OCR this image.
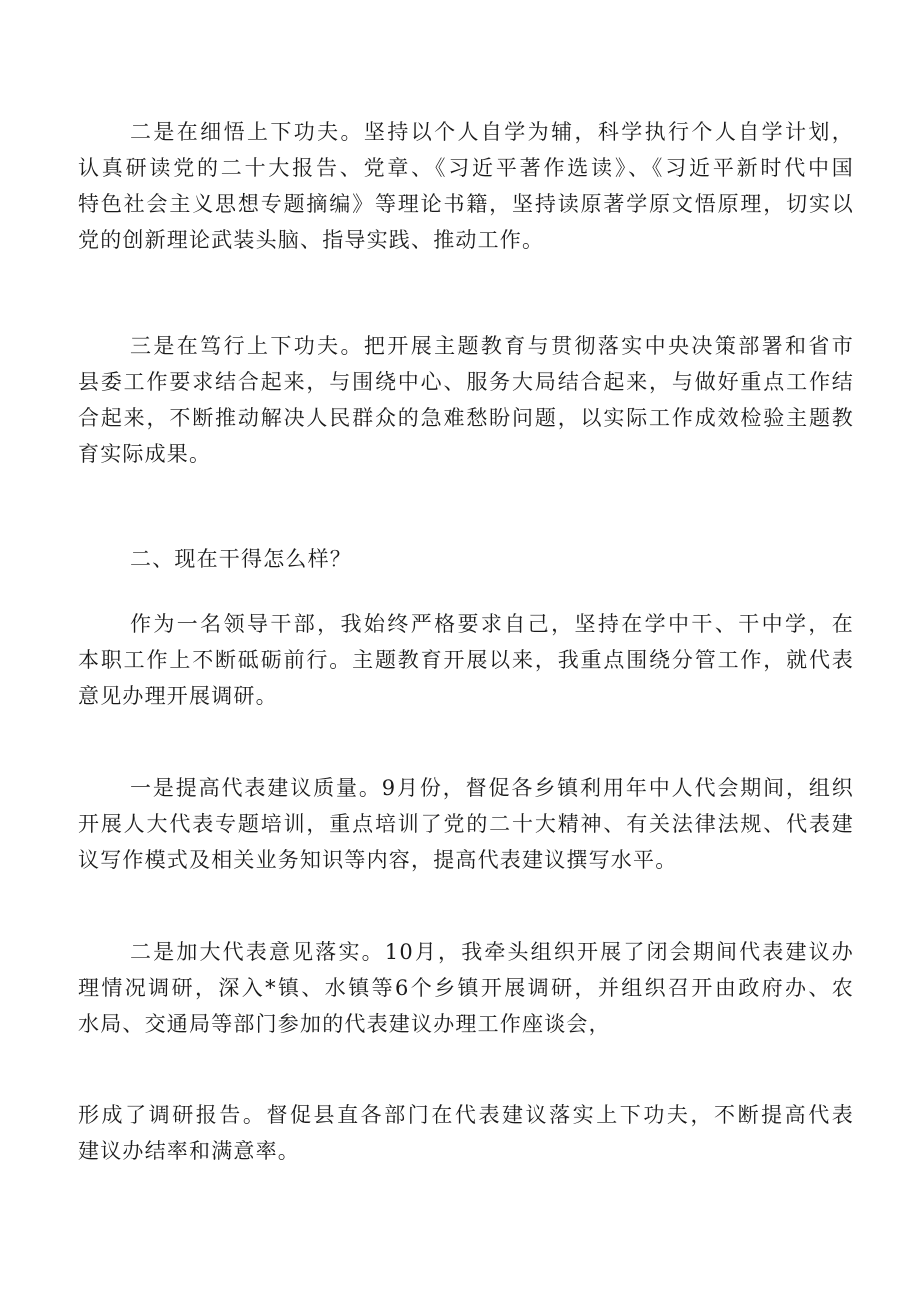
二是在细悟上下功夫。坚持以个人自学为辅，科学执行个人自学计划，
认真研读党的二十大报告、党章、《习近平著作选读》、《习近平新时代中国
特色社会主义思想专题摘编》等理论书籍，坚持读原著学原文悟原理，切实以
党的创新理论武装头脑、指导实践、推动工作。

三是在笃行上下功夫。把开展主题教育与贯彻落实中央决策部署和省市
县委工作要求结合起来，与围绕中心、服务大局结合起来，与做好重点工作结
合起来，不断推动解决人民群众的急难愁盼问题，以实际工作成效检验主题教
育实际成果。

二、现在干得怎么样？

作为一名领导干部，我始终严格要求自己，坚持在学中干、干中学，在
本职工作上不断砥砺前行。主题教育开展以来，我重点围绕分管工作，就代表
意见办理开展调研。

一是提高代表建议质量。9月份，督促各乡镇利用年中人代会期间，组织
开展人大代表专题培训，重点培训了党的二十大精神、有关法律法规、代表建
议写作模式及相关业务知识等内容，提高代表建议撰写水平。

二是加大代表意见落实。10月，我牵头组织开展了闭会期间代表建议办
理情况调研，深入*镇、水镇等6个乡镇开展调研，并组织召开由政府办、农
水局、交通局等部门参加的代表建议办理工作座谈会，

形成了调研报告。督促县直各部门在代表建议落实上下功夫，不断提高代表
建议办结率和满意率。
